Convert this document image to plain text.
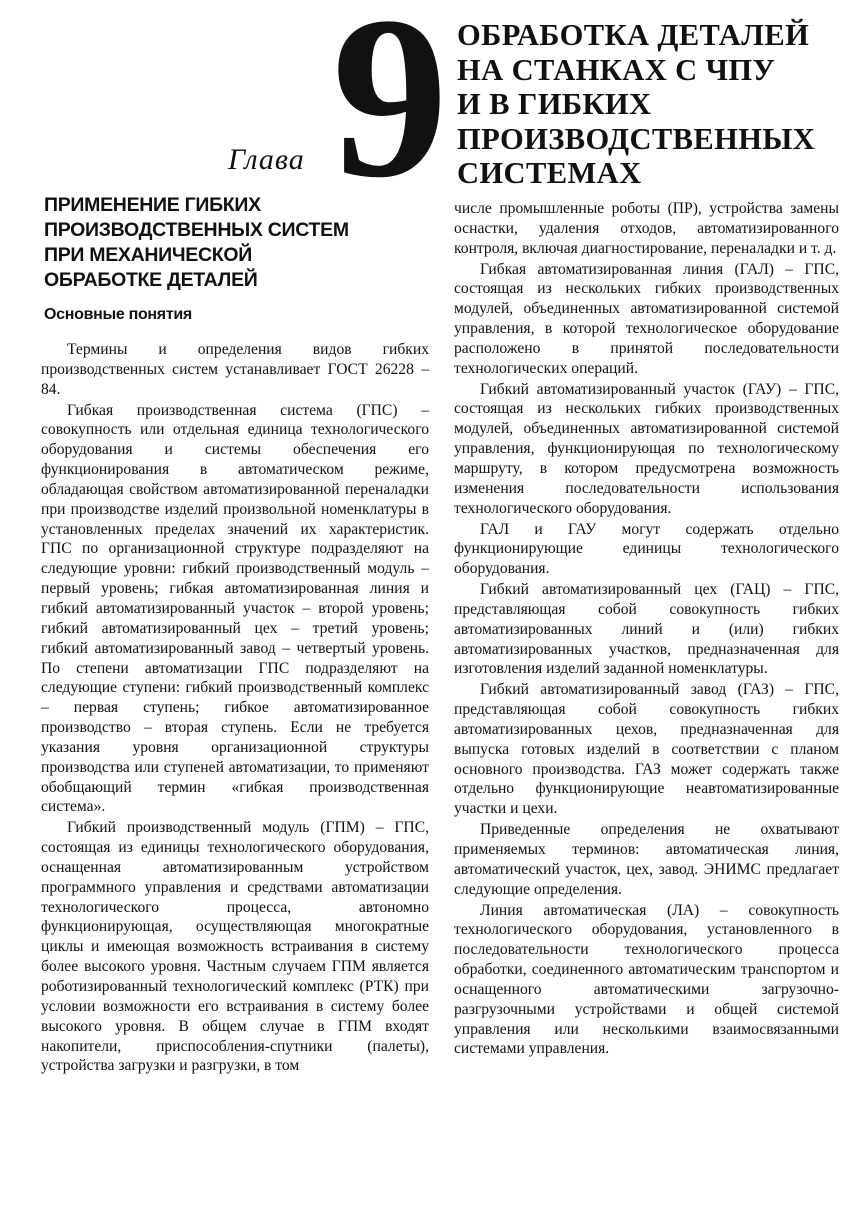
Глава 9 ОБРАБОТКА ДЕТАЛЕЙ
НА СТАНКАХ С ЧПУ
И В ГИБКИХ
ПРОИЗВОДСТВЕННЫХ
СИСТЕМАХ
ПРИМЕНЕНИЕ ГИБКИХ
ПРОИЗВОДСТВЕННЫХ СИСТЕМ
ПРИ МЕХАНИЧЕСКОЙ
ОБРАБОТКЕ ДЕТАЛЕЙ
Основные понятия

Термины и определения видов гибких производственных систем устанавливает ГОСТ 26228 – 84.

Гибкая производственная система (ГПС) – совокупность или отдельная единица технологического оборудования и системы обеспечения его функционирования в автоматическом режиме, обладающая свойством автоматизированной переналадки при производстве изделий произвольной номенклатуры в установленных пределах значений их характеристик. ГПС по организационной структуре подразделяют на следующие уровни: гибкий производственный модуль – первый уровень; гибкая автоматизированная линия и гибкий автоматизированный участок – второй уровень; гибкий автоматизированный цех – третий уровень; гибкий автоматизированный завод – четвертый уровень. По степени автоматизации ГПС подразделяют на следующие ступени: гибкий производственный комплекс – первая ступень; гибкое автоматизированное производство – вторая ступень. Если не требуется указания уровня организационной структуры производства или ступеней автоматизации, то применяют обобщающий термин «гибкая производственная система».

Гибкий производственный модуль (ГПМ) – ГПС, состоящая из единицы технологического оборудования, оснащенная автоматизированным устройством программного управления и средствами автоматизации технологического процесса, автономно функционирующая, осуществляющая многократные циклы и имеющая возможность встраивания в систему более высокого уровня. Частным случаем ГПМ является роботизированный технологический комплекс (РТК) при условии возможности его встраивания в систему более высокого уровня. В общем случае в ГПМ входят накопители, приспособления-спутники (палеты), устройства загрузки и разгрузки, в том

числе промышленные роботы (ПР), устройства замены оснастки, удаления отходов, автоматизированного контроля, включая диагностирование, переналадки и т. д.

Гибкая автоматизированная линия (ГАЛ) – ГПС, состоящая из нескольких гибких производственных модулей, объединенных автоматизированной системой управления, в которой технологическое оборудование расположено в принятой последовательности технологических операций.

Гибкий автоматизированный участок (ГАУ) – ГПС, состоящая из нескольких гибких производственных модулей, объединенных автоматизированной системой управления, функционирующая по технологическому маршруту, в котором предусмотрена возможность изменения последовательности использования технологического оборудования.

ГАЛ и ГАУ могут содержать отдельно функционирующие единицы технологического оборудования.

Гибкий автоматизированный цех (ГАЦ) – ГПС, представляющая собой совокупность гибких автоматизированных линий и (или) гибких автоматизированных участков, предназначенная для изготовления изделий заданной номенклатуры.

Гибкий автоматизированный завод (ГАЗ) – ГПС, представляющая собой совокупность гибких автоматизированных цехов, предназначенная для выпуска готовых изделий в соответствии с планом основного производства. ГАЗ может содержать также отдельно функционирующие неавтоматизированные участки и цехи.

Приведенные определения не охватывают применяемых терминов: автоматическая линия, автоматический участок, цех, завод. ЭНИМС предлагает следующие определения.

Линия автоматическая (ЛА) – совокупность технологического оборудования, установленного в последовательности технологического процесса обработки, соединенного автоматическим транспортом и оснащенного автоматическими загрузочно-разгрузочными устройствами и общей системой управления или несколькими взаимосвязанными системами управления.
